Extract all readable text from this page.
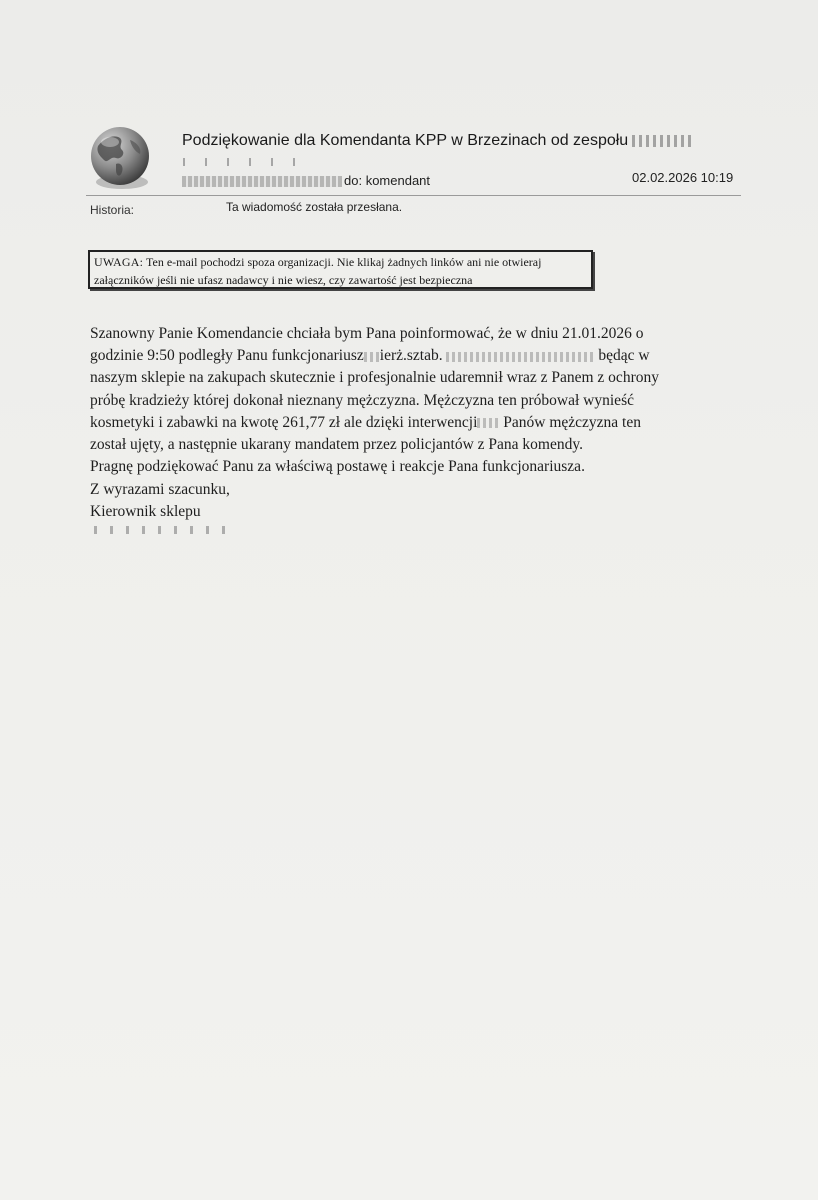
Podziękowanie dla Komendanta KPP w Brzezinach od zespołu
do: komendant	02.02.2026 10:19
Historia:	Ta wiadomość została przesłana.
UWAGA: Ten e-mail pochodzi spoza organizacji. Nie klikaj żadnych linków ani nie otwieraj załączników jeśli nie ufasz nadawcy i nie wiesz, czy zawartość jest bezpieczna

Szanowny Panie Komendancie chciała bym Pana poinformować, że w dniu 21.01.2026 o

godzinie 9:50 podległy Panu funkcjonariusz ierż.sztab.	będąc w

naszym sklepie na zakupach skutecznie i profesjonalnie udaremnił wraz z Panem z ochrony

próbę kradzieży której dokonał nieznany mężczyzna. Mężczyzna ten próbował wynieść

kosmetyki i zabawki na kwotę 261,77 zł ale dzięki interwencji Panów mężczyzna ten

został ujęty, a następnie ukarany mandatem przez policjantów z Pana komendy.

Pragnę podziękować Panu za właściwą postawę i reakcje Pana funkcjonariusza.

Z wyrazami szacunku,
Kierownik sklepu
